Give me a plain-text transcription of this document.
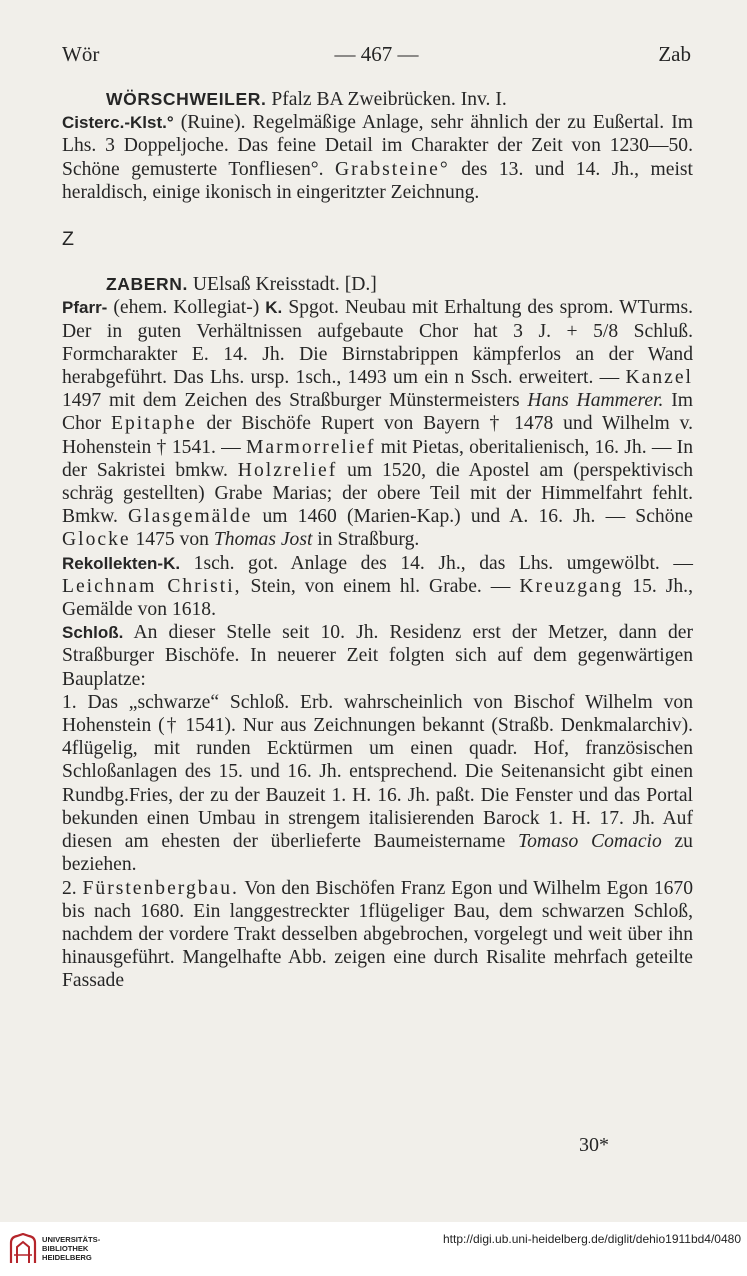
— 467 —
Wör	Zab

WÖRSCHWEILER. Pfalz BA Zweibrücken. Inv. I.

Cisterc.-Klst.° (Ruine). Regelmäßige Anlage, sehr ähnlich der zu Eußertal. Im Lhs. 3 Doppeljoche. Das feine Detail im Charakter der Zeit von 1230—50. Schöne gemusterte Tonfliesen°. Grabsteine° des 13. und 14. Jh., meist heraldisch, einige ikonisch in eingeritzter Zeichnung.

Z

ZABERN. UElsaß Kreisstadt. [D.]

Pfarr- (ehem. Kollegiat-) K. Spgot. Neubau mit Erhaltung des sprom. WTurms. Der in guten Verhältnissen aufgebaute Chor hat 3 J. + 5/8 Schluß. Formcharakter E. 14. Jh. Die Birnstabrippen kämpferlos an der Wand herabgeführt. Das Lhs. ursp. 1sch., 1493 um ein n Ssch. erweitert. — Kanzel 1497 mit dem Zeichen des Straßburger Münstermeisters Hans Hammerer. Im Chor Epitaphe der Bischöfe Rupert von Bayern † 1478 und Wilhelm v. Hohenstein † 1541. — Marmorrelief mit Pietas, oberitalienisch, 16. Jh. — In der Sakristei bmkw. Holzrelief um 1520, die Apostel am (perspektivisch schräg gestellten) Grabe Marias; der obere Teil mit der Himmelfahrt fehlt. Bmkw. Glasgemälde um 1460 (Marien-Kap.) und A. 16. Jh. — Schöne Glocke 1475 von Thomas Jost in Straßburg.

Rekollekten-K. 1sch. got. Anlage des 14. Jh., das Lhs. umgewölbt. — Leichnam Christi, Stein, von einem hl. Grabe. — Kreuzgang 15. Jh., Gemälde von 1618.

Schloß. An dieser Stelle seit 10. Jh. Residenz erst der Metzer, dann der Straßburger Bischöfe. In neuerer Zeit folgten sich auf dem gegenwärtigen Bauplatze:

1. Das „schwarze“ Schloß. Erb. wahrscheinlich von Bischof Wilhelm von Hohenstein († 1541). Nur aus Zeichnungen bekannt (Straßb. Denkmalarchiv). 4flügelig, mit runden Ecktürmen um einen quadr. Hof, französischen Schloßanlagen des 15. und 16. Jh. entsprechend. Die Seitenansicht gibt einen Rundbg.Fries, der zu der Bauzeit 1. H. 16. Jh. paßt. Die Fenster und das Portal bekunden einen Umbau in strengem italisierenden Barock 1. H. 17. Jh. Auf diesen am ehesten der überlieferte Baumeistername Tomaso Comacio zu beziehen.

2. Fürstenbergbau. Von den Bischöfen Franz Egon und Wilhelm Egon 1670 bis nach 1680. Ein langgestreckter 1flügeliger Bau, dem schwarzen Schloß, nachdem der vordere Trakt desselben abgebrochen, vorgelegt und weit über ihn hinausgeführt. Mangelhafte Abb. zeigen eine durch Risalite mehrfach geteilte Fassade

30*
UNIVERSITÄTS-
BIBLIOTHEK
HEIDELBERG
http://digi.ub.uni-heidelberg.de/diglit/dehio1911bd4/0480
